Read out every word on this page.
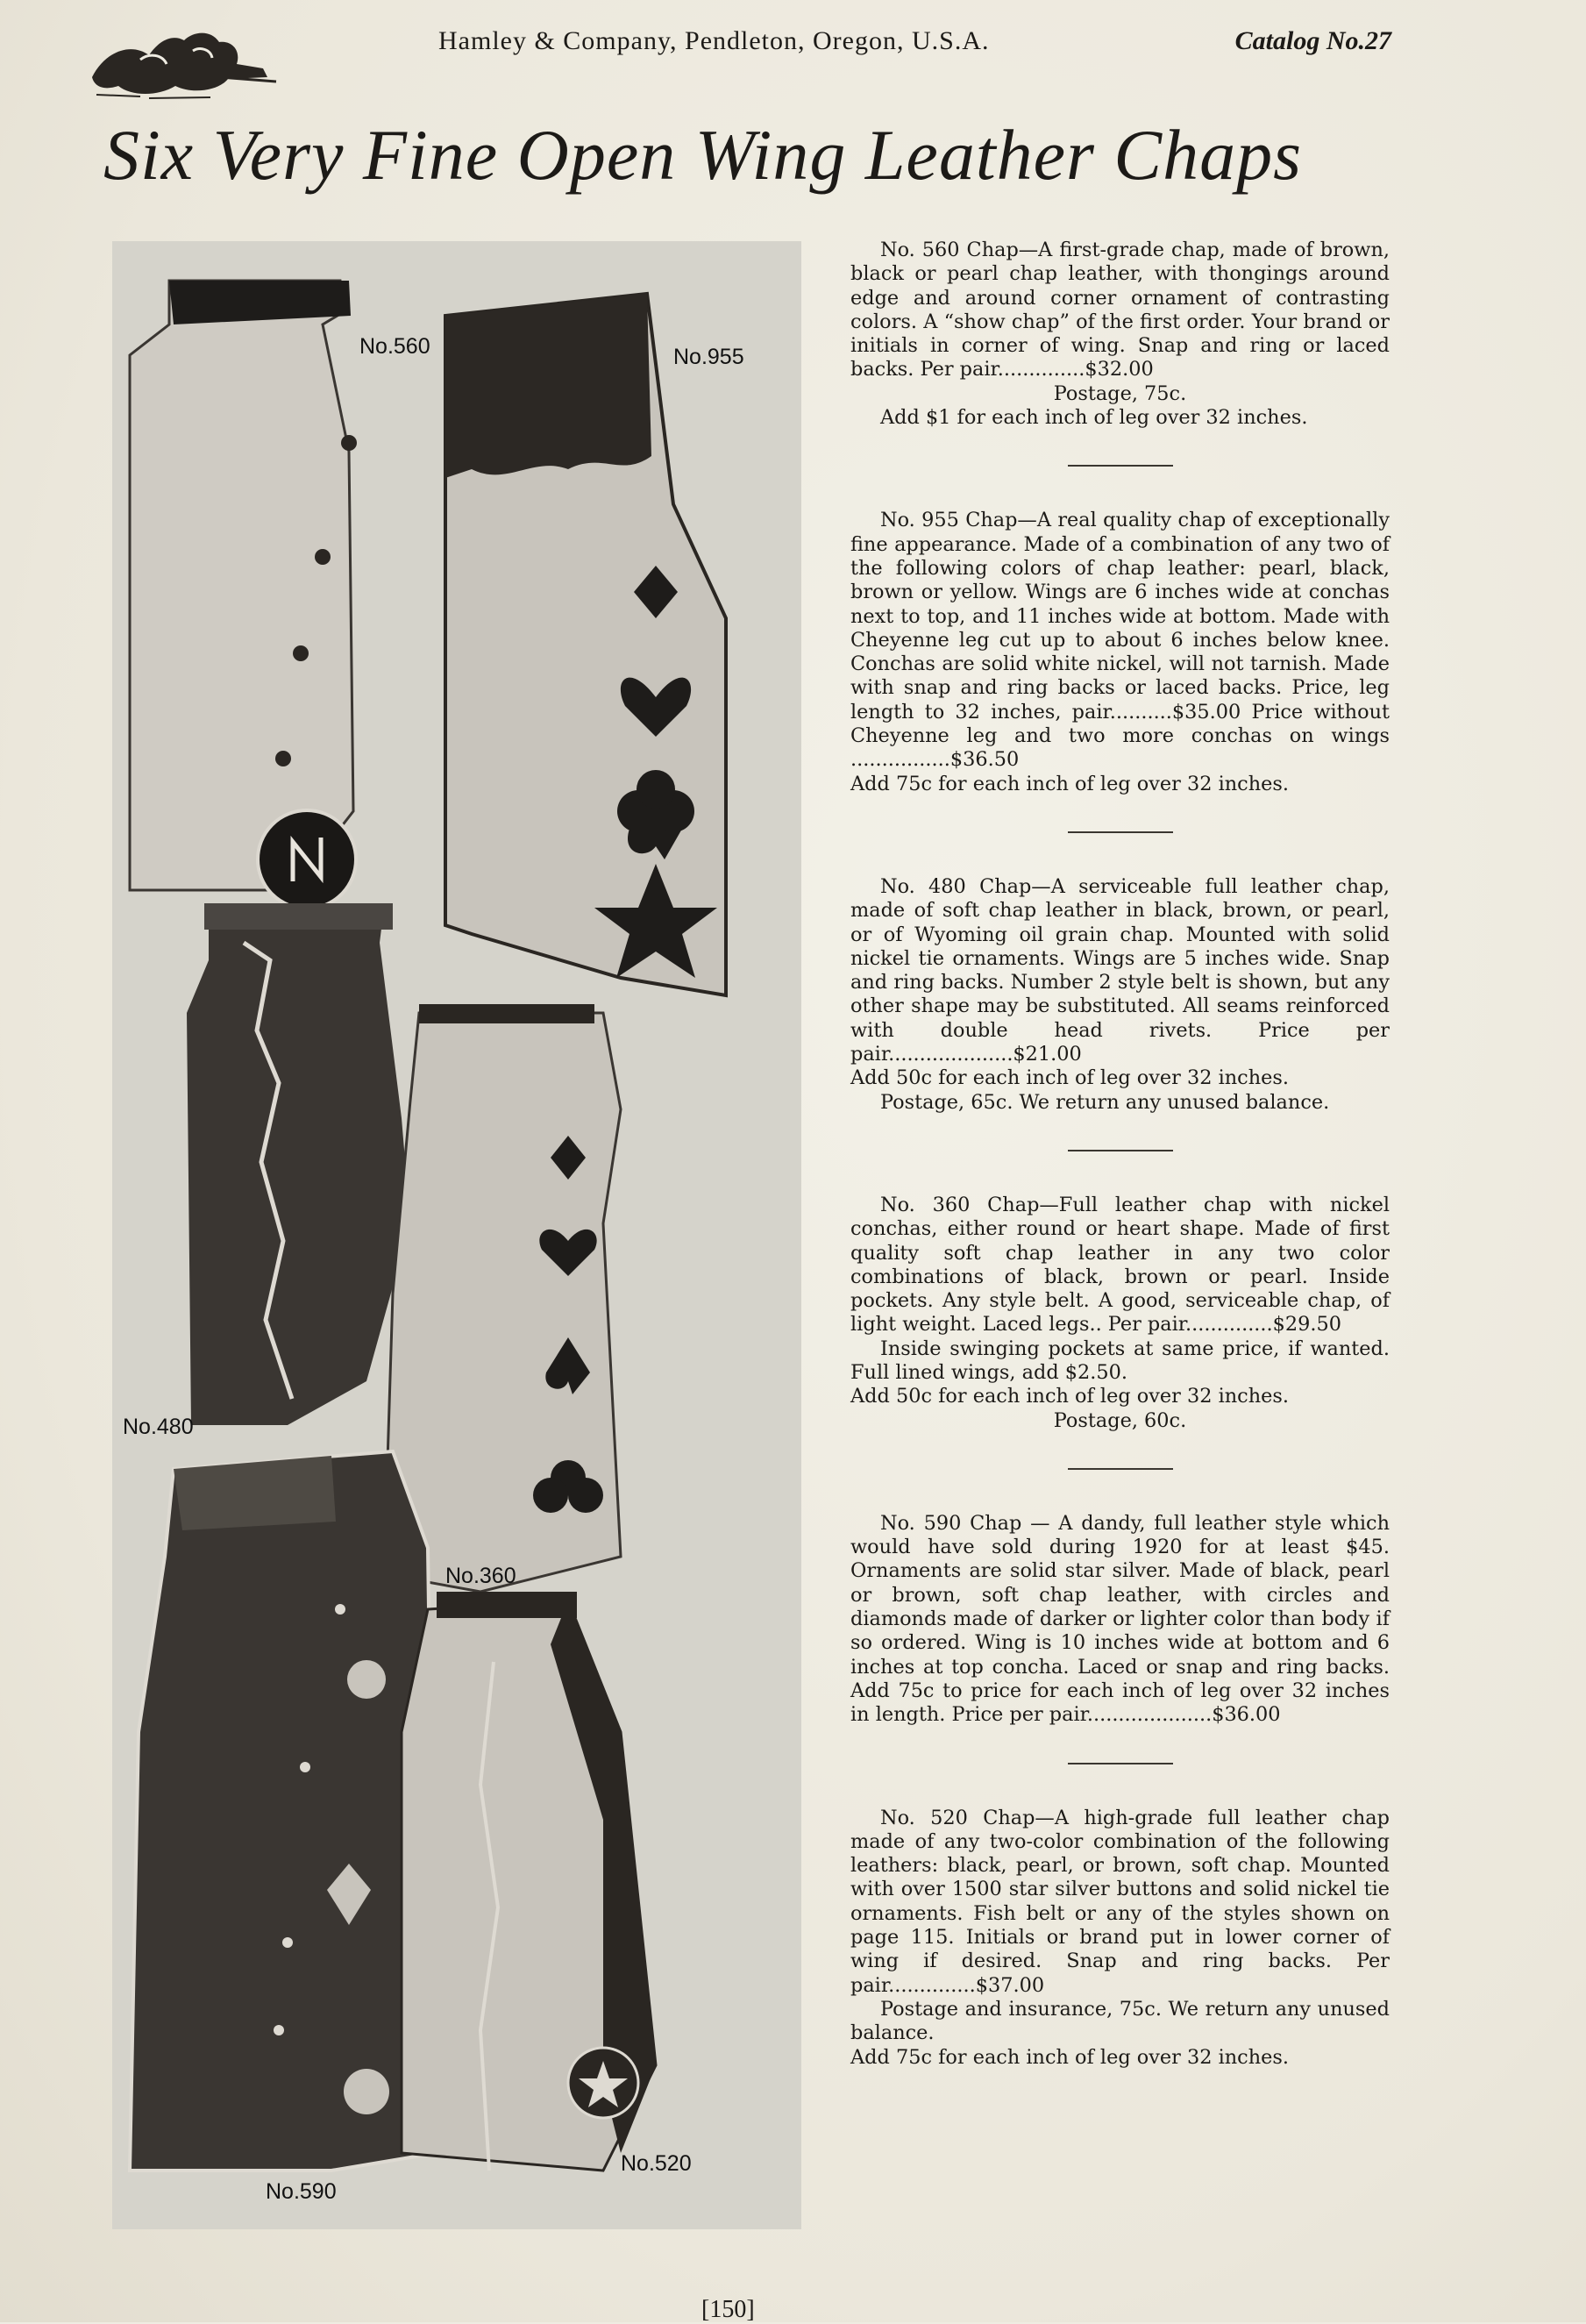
Hamley & Company, Pendleton, Oregon, U.S.A.	Catalog No.27
Six Very Fine Open Wing Leather Chaps
No.560	No.955
No.480
No.360
No.590
No.520

No. 560 Chap—A first-grade chap, made of brown, black or pearl chap leather, with thongings around edge and around corner ornament of contrasting colors. A “show chap” of the first order. Your brand or initials in corner of wing. Snap and ring or laced backs. Per pair..............$32.00

Postage, 75c.

Add $1 for each inch of leg over 32 inches.

No. 955 Chap—A real quality chap of exceptionally fine appearance. Made of a combination of any two of the following colors of chap leather: pearl, black, brown or yellow. Wings are 6 inches wide at conchas next to top, and 11 inches wide at bottom. Made with Cheyenne leg cut up to about 6 inches below knee. Conchas are solid white nickel, will not tarnish. Made with snap and ring backs or laced backs. Price, leg length to 32 inches, pair..........$35.00 Price without Cheyenne leg and two more conchas on wings ................$36.50

Add 75c for each inch of leg over 32 inches.

No. 480 Chap—A serviceable full leather chap, made of soft chap leather in black, brown, or pearl, or of Wyoming oil grain chap. Mounted with solid nickel tie ornaments. Wings are 5 inches wide. Snap and ring backs. Number 2 style belt is shown, but any other shape may be substituted. All seams reinforced with double head rivets. Price per pair....................$21.00

Add 50c for each inch of leg over 32 inches.

Postage, 65c. We return any unused balance.

No. 360 Chap—Full leather chap with nickel conchas, either round or heart shape. Made of first quality soft chap leather in any two color combinations of black, brown or pearl. Inside pockets. Any style belt. A good, serviceable chap, of light weight. Laced legs.. Per pair..............$29.50

Inside swinging pockets at same price, if wanted. Full lined wings, add $2.50.

Add 50c for each inch of leg over 32 inches.

Postage, 60c.

No. 590 Chap — A dandy, full leather style which would have sold during 1920 for at least $45. Ornaments are solid star silver. Made of black, pearl or brown, soft chap leather, with circles and diamonds made of darker or lighter color than body if so ordered. Wing is 10 inches wide at bottom and 6 inches at top concha. Laced or snap and ring backs. Add 75c to price for each inch of leg over 32 inches in length. Price per pair....................$36.00

No. 520 Chap—A high-grade full leather chap made of any two-color combination of the following leathers: black, pearl, or brown, soft chap. Mounted with over 1500 star silver buttons and solid nickel tie ornaments. Fish belt or any of the styles shown on page 115. Initials or brand put in lower corner of wing if desired. Snap and ring backs. Per pair..............$37.00

Postage and insurance, 75c. We return any unused balance.

Add 75c for each inch of leg over 32 inches.

[150]
